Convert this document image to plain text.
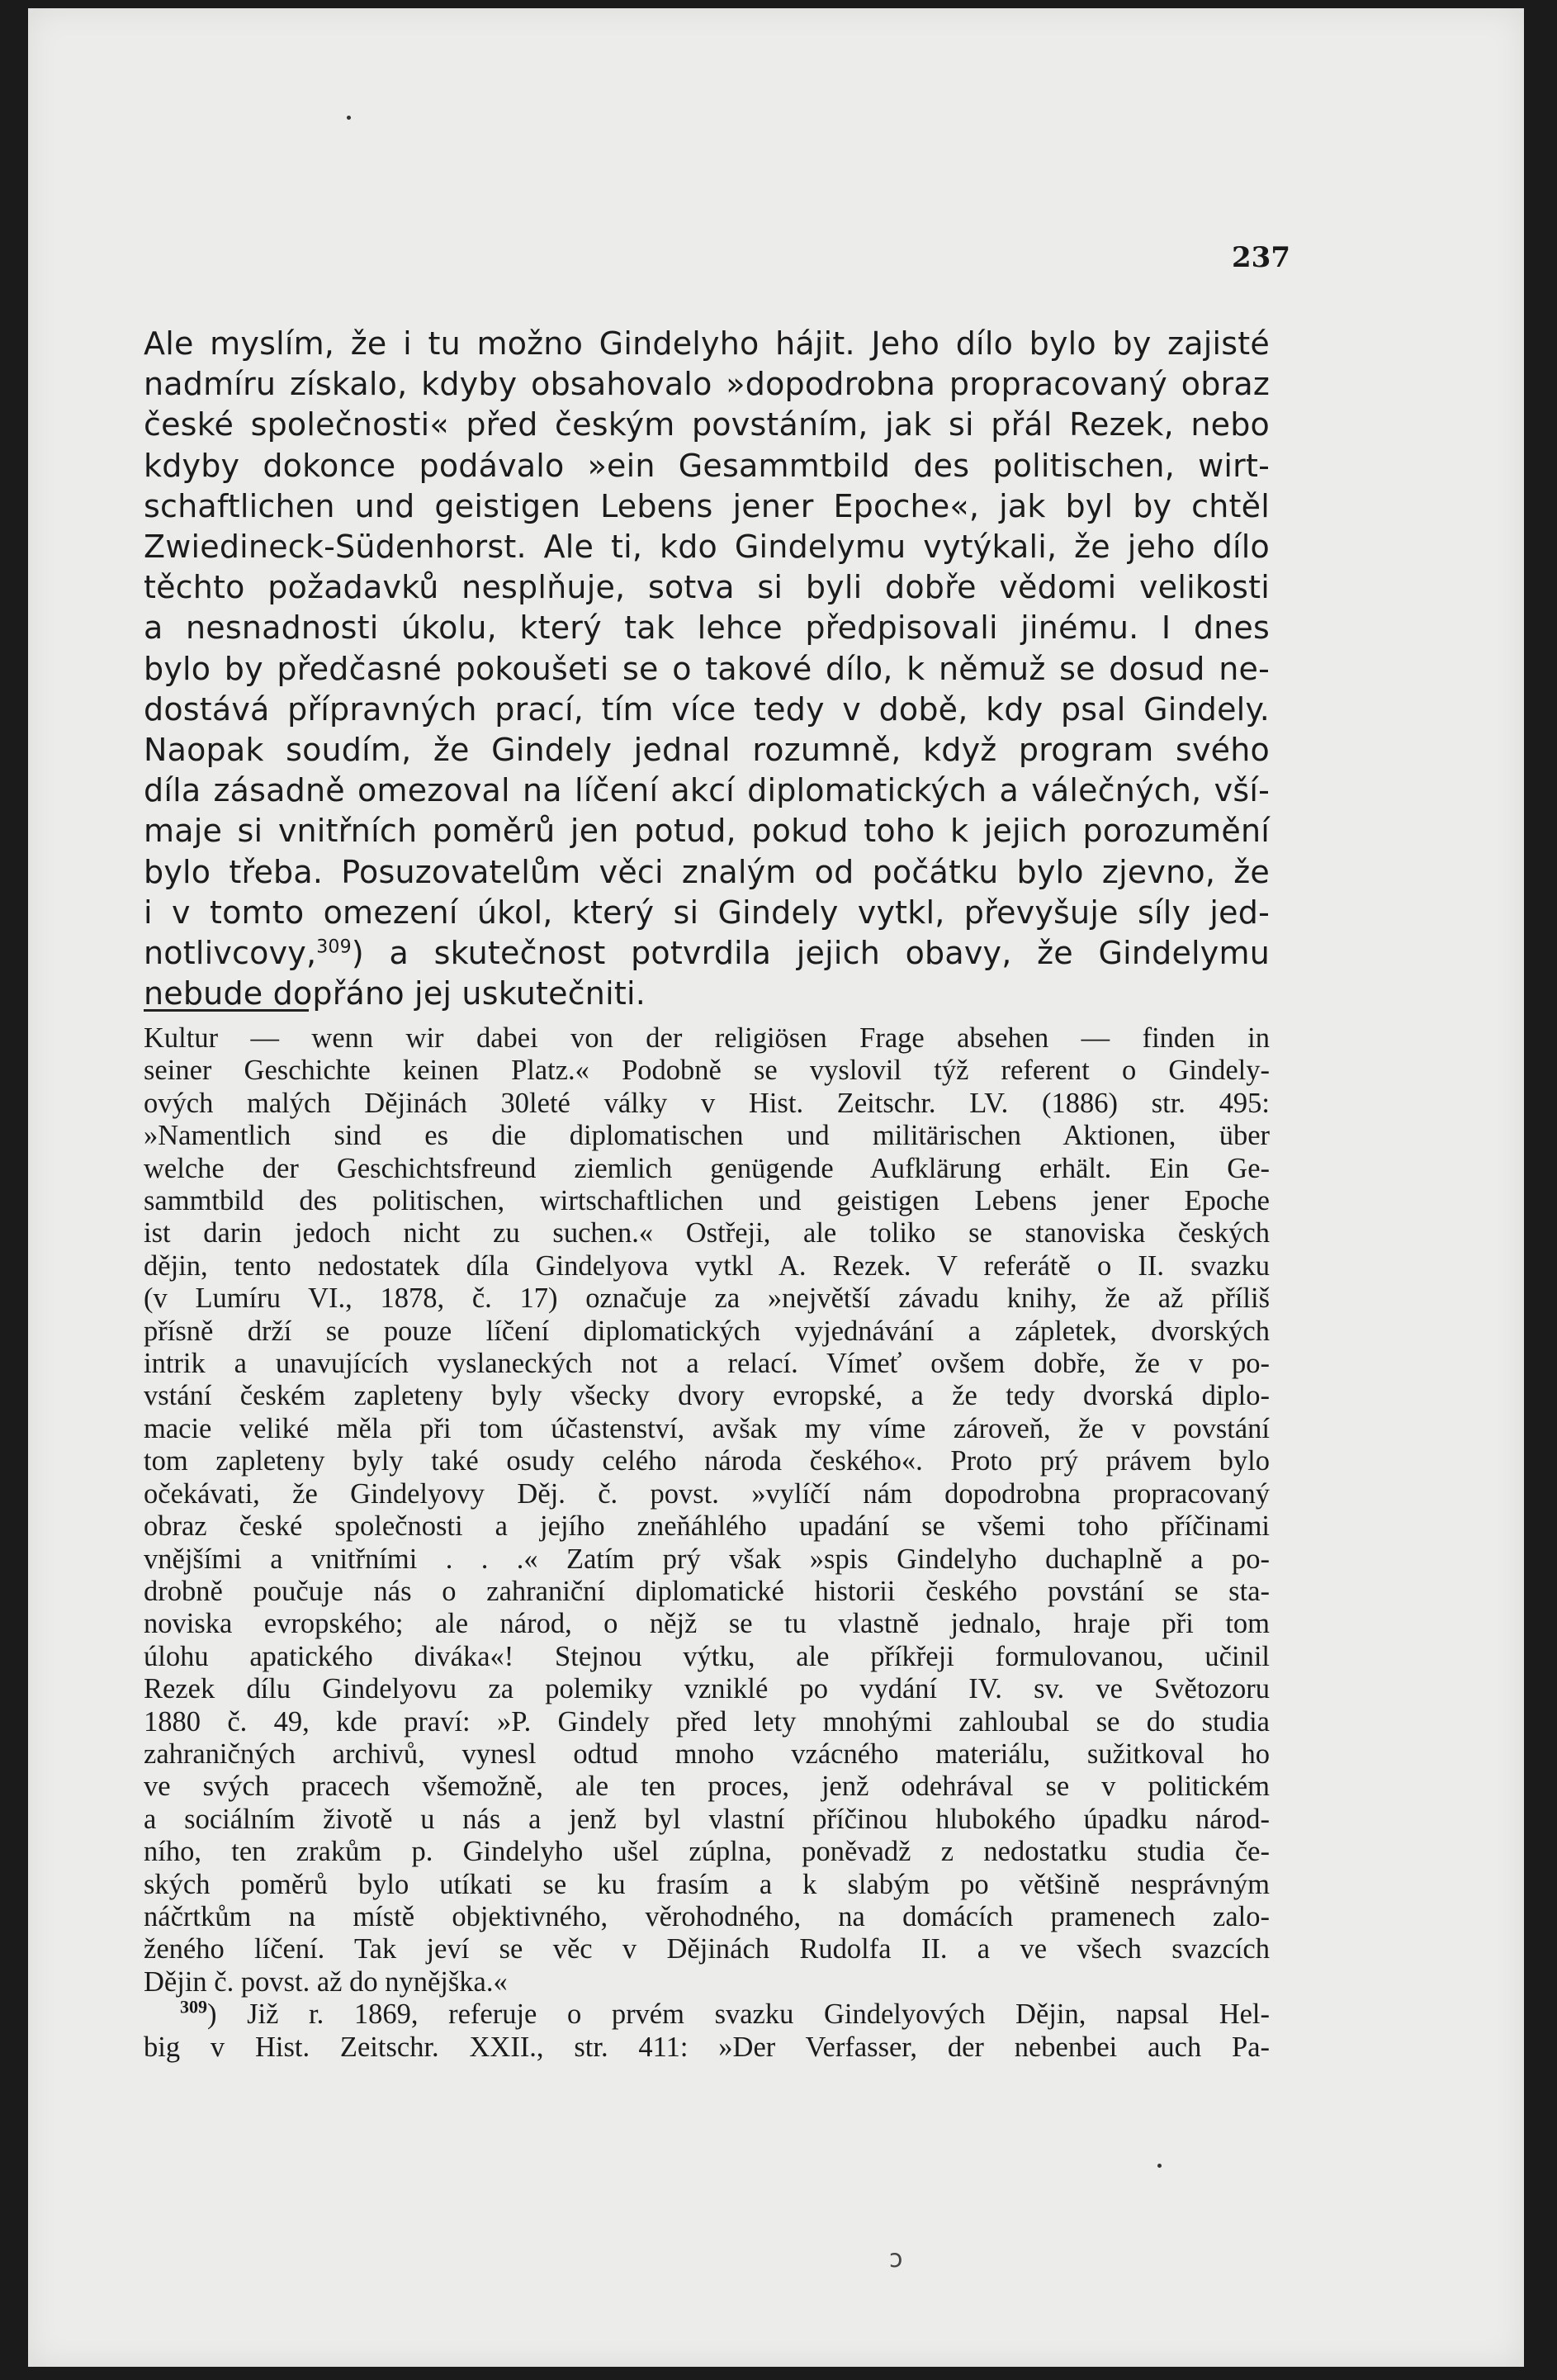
237
Ale myslím, že i tu možno Gindelyho hájit. Jeho dílo bylo by zajisté
nadmíru získalo, kdyby obsahovalo »dopodrobna propracovaný obraz
české společnosti« před českým povstáním, jak si přál Rezek, nebo
kdyby dokonce podávalo »ein Gesammtbild des politischen, wirt-
schaftlichen und geistigen Lebens jener Epoche«, jak byl by chtěl
Zwiedineck-Südenhorst. Ale ti, kdo Gindelymu vytýkali, že jeho dílo
těchto požadavků nesplňuje, sotva si byli dobře vědomi velikosti
a nesnadnosti úkolu, který tak lehce předpisovali jinému. I dnes
bylo by předčasné pokoušeti se o takové dílo, k němuž se dosud ne-
dostává přípravných prací, tím více tedy v době, kdy psal Gindely.
Naopak soudím, že Gindely jednal rozumně, když program svého
díla zásadně omezoval na líčení akcí diplomatických a válečných, vší-
maje si vnitřních poměrů jen potud, pokud toho k jejich porozumění
bylo třeba. Posuzovatelům věci znalým od počátku bylo zjevno, že
i v tomto omezení úkol, který si Gindely vytkl, převyšuje síly jed-
notlivcovy,$^{309}$) a skutečnost potvrdila jejich obavy, že Gindelymu
nebude dopřáno jej uskutečniti.
Kultur — wenn wir dabei von der religiösen Frage absehen — finden in
seiner Geschichte keinen Platz.« Podobně se vyslovil týž referent o Gindely-
ových malých Dějinách 30leté války v Hist. Zeitschr. LV. (1886) str. 495:
»Namentlich sind es die diplomatischen und militärischen Aktionen, über
welche der Geschichtsfreund ziemlich genügende Aufklärung erhält. Ein Ge-
sammtbild des politischen, wirtschaftlichen und geistigen Lebens jener Epoche
ist darin jedoch nicht zu suchen.« Ostřeji, ale toliko se stanoviska českých
dějin, tento nedostatek díla Gindelyova vytkl A. Rezek. V referátě o II. svazku
(v Lumíru VI., 1878, č. 17) označuje za »největší závadu knihy, že až příliš
přísně drží se pouze líčení diplomatických vyjednávání a zápletek, dvorských
intrik a unavujících vyslaneckých not a relací. Vímeť ovšem dobře, že v po-
vstání českém zapleteny byly všecky dvory evropské, a že tedy dvorská diplo-
macie veliké měla při tom účastenství, avšak my víme zároveň, že v povstání
tom zapleteny byly také osudy celého národa českého«. Proto prý právem bylo
očekávati, že Gindelyovy Děj. č. povst. »vylíčí nám dopodrobna propracovaný
obraz české společnosti a jejího zneňáhlého upadání se všemi toho příčinami
vnějšími a vnitřními . . .« Zatím prý však »spis Gindelyho duchaplně a po-
drobně poučuje nás o zahraniční diplomatické historii českého povstání se sta-
noviska evropského; ale národ, o nějž se tu vlastně jednalo, hraje při tom
úlohu apatického diváka«! Stejnou výtku, ale příkřeji formulovanou, učinil
Rezek dílu Gindelyovu za polemiky vzniklé po vydání IV. sv. ve Světozoru
1880 č. 49, kde praví: »P. Gindely před lety mnohými zahloubal se do studia
zahraničných archivů, vynesl odtud mnoho vzácného materiálu, sužitkoval ho
ve svých pracech všemožně, ale ten proces, jenž odehrával se v politickém
a sociálním životě u nás a jenž byl vlastní příčinou hlubokého úpadku národ-
ního, ten zrakům p. Gindelyho ušel zúplna, poněvadž z nedostatku studia če-
ských poměrů bylo utíkati se ku frasím a k slabým po většině nesprávným
náčrtkům na místě objektivného, věrohodného, na domácích pramenech zalo-
ženého líčení. Tak jeví se věc v Dějinách Rudolfa II. a ve všech svazcích
Dějin č. povst. až do nynějška.«
$^{309}$) Již r. 1869, referuje o prvém svazku Gindelyových Dějin, napsal Hel-
big v Hist. Zeitschr. XXII., str. 411: »Der Verfasser, der nebenbei auch Pa-
ɔ
